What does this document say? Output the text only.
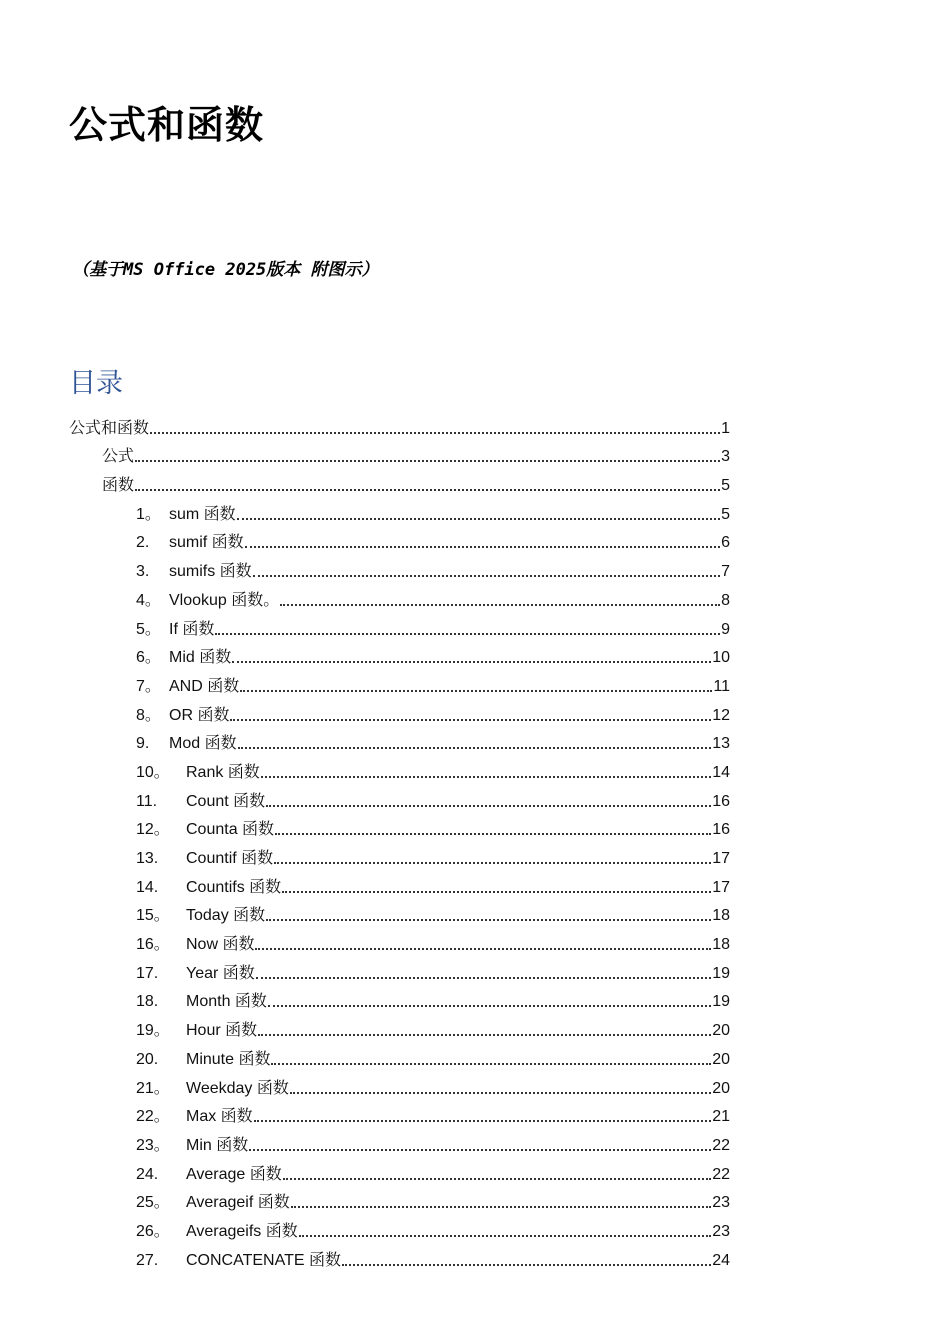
公式和函数
（基于MS Office 2025版本 附图示）
目录
公式和函数	1
公式	3
函数	5
1。 sum 函数	5
2.	sumif 函数	6
3.	sumifs 函数	7
4。 Vlookup 函数。	8
5。 If 函数	9
6。 Mid 函数	10
7。 AND 函数	11
8。 OR 函数	12
9.	Mod 函数	13
10。	Rank 函数	14
11.	Count 函数	16
12。	Counta 函数	16
13.	Countif 函数	17
14.	Countifs 函数	17
15。	Today 函数	18
16。	Now 函数	18
17.	Year 函数	19
18.	Month 函数	19
19。	Hour 函数	20
20.	Minute 函数	20
21。	Weekday 函数	20
22。	Max 函数	21
23。	Min 函数	22
24.	Average 函数	22
25。	Averageif 函数	23
26。	Averageifs 函数	23
27.	CONCATENATE 函数	24
